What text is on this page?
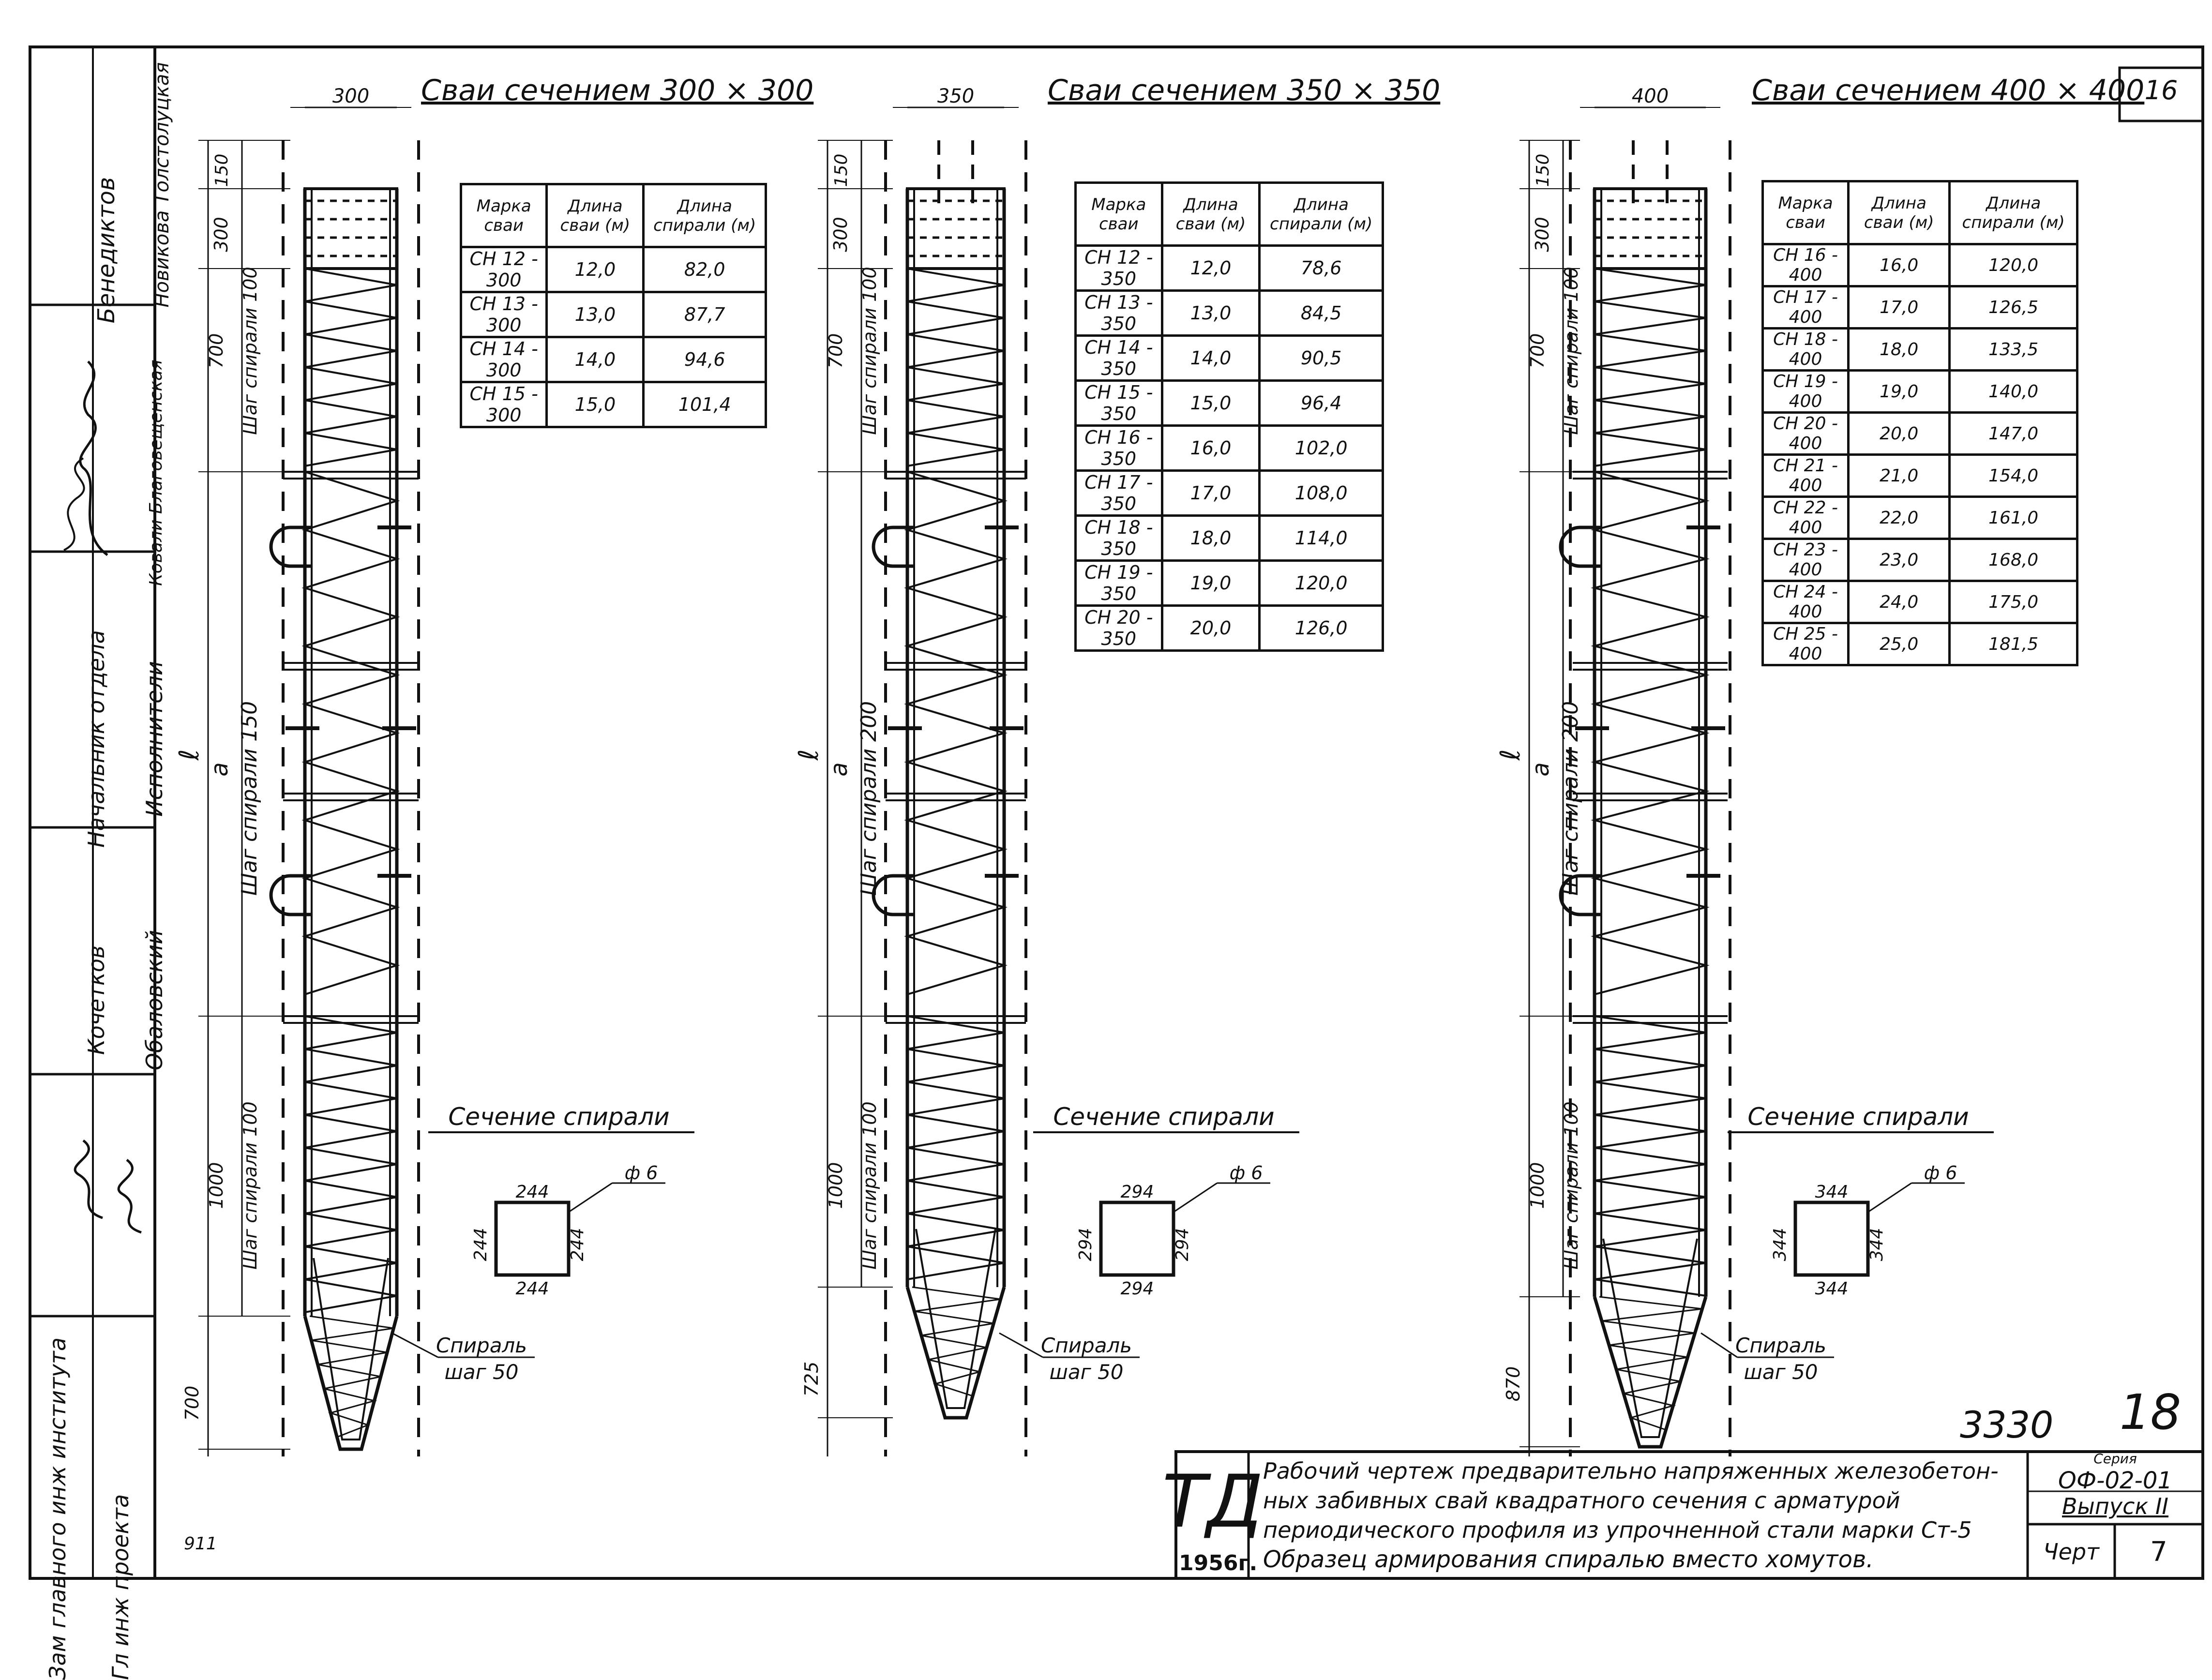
300
150
300
700 Шаг спирали 100
a Шаг спирали 150
ℓ
1000 Шаг спирали 100
700
Сечение спирали
244
244
244	244
ф 6
Спираль
шаг 50
350
150
300
700 Шаг спирали 100
a Шаг спирали 200
ℓ
1000 Шаг спирали 100
725
Сечение спирали
294
294
294	294
ф 6
Спираль
шаг 50
400
150
300
700 Шаг спирали 100
a Шаг спирали 200
ℓ
1000 Шаг спирали 100
870
Сечение спирали
344
344
344	344
ф 6
Спираль
шаг 50
Зам главного инж института Гл инж проекта
Бенедиктов Новикова Толстолуцкая
Начальник отдела Исполнители
Ковали Благовещенская
Кочетков Обаловский
16
3330 18
911
Сваи сечением 300 × 300	Сваи сечением 350 × 350	Сваи сечением 400 × 400
Марка сваи	Длина сваи (м)	Длина спирали (м)
СН 12 - 300	12,0	82,0
СН 13 - 300	13,0	87,7
СН 14 - 300	14,0	94,6
СН 15 - 300	15,0	101,4
Марка сваи	Длина сваи (м)	Длина спирали (м)
СН 12 - 350	12,0	78,6
СН 13 - 350	13,0	84,5
СН 14 - 350	14,0	90,5
СН 15 - 350	15,0	96,4
СН 16 - 350	16,0	102,0
СН 17 - 350	17,0	108,0
СН 18 - 350	18,0	114,0
СН 19 - 350	19,0	120,0
СН 20 - 350	20,0	126,0
Марка сваи	Длина сваи (м)	Длина спирали (м)
СН 16 - 400	16,0	120,0
СН 17 - 400	17,0	126,5
СН 18 - 400	18,0	133,5
СН 19 - 400	19,0	140,0
СН 20 - 400	20,0	147,0
СН 21 - 400	21,0	154,0
СН 22 - 400	22,0	161,0
СН 23 - 400	23,0	168,0
СН 24 - 400	24,0	175,0
СН 25 - 400	25,0	181,5
ТД
1956г.
Рабочий чертеж предварительно напряженных железобетон-
ных забивных свай квадратного сечения с арматурой
периодического профиля из упрочненной стали марки Ст-5
Образец армирования спиралью вместо хомутов.
Серия
ОФ-02-01
Выпуск II
Черт	7
